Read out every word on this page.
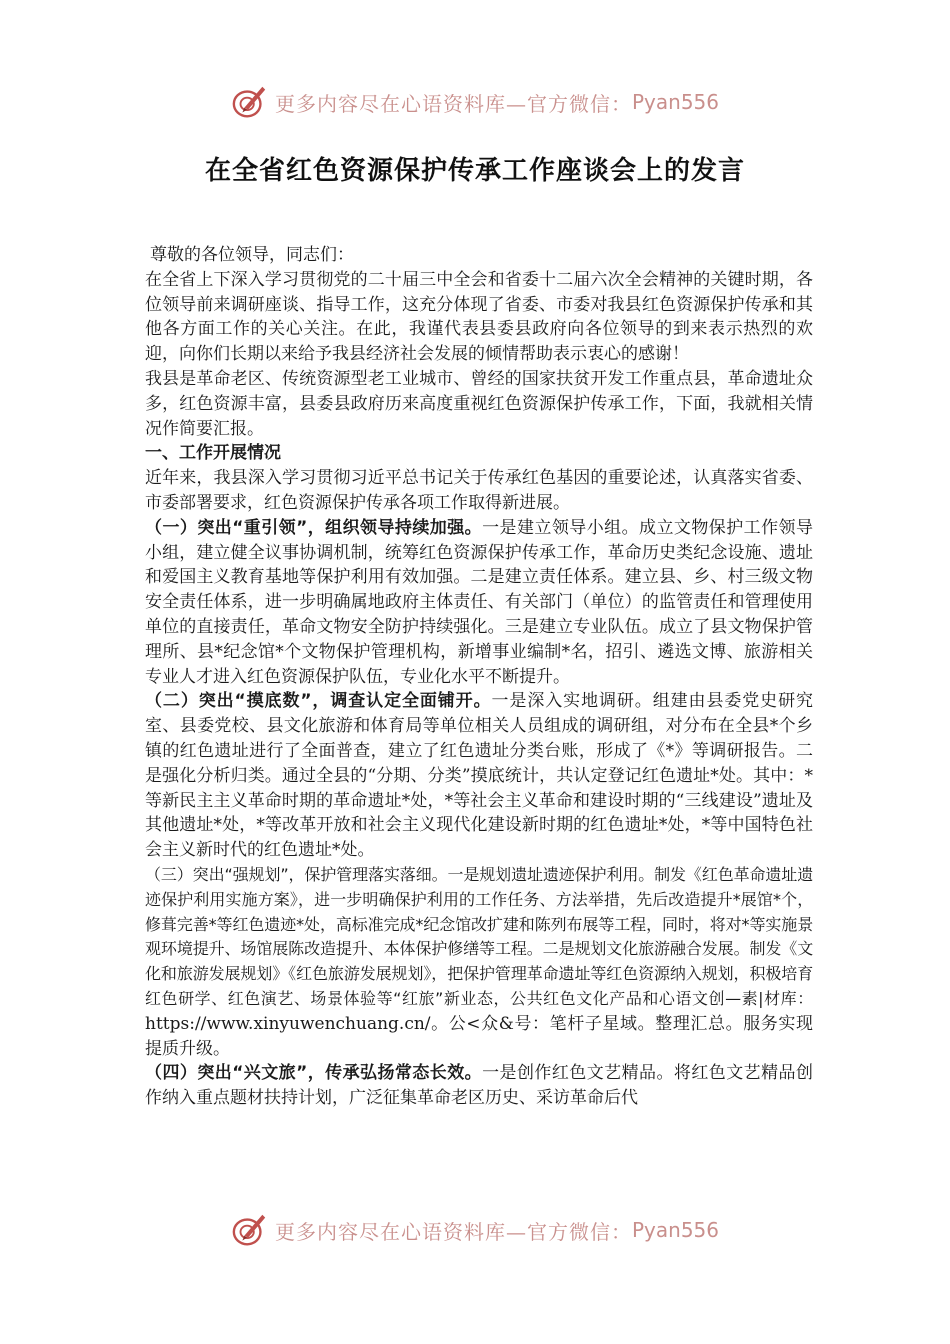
更多内容尽在心语资料库—官方微信： Pyan556
在全省红色资源保护传承工作座谈会上的发言

尊敬的各位领导，同志们：

在全省上下深入学习贯彻党的二十届三中全会和省委十二届六次全会精神的关键时期，各位领导前来调研座谈、指导工作，这充分体现了省委、市委对我县红色资源保护传承和其他各方面工作的关心关注。在此，我谨代表县委县政府向各位领导的到来表示热烈的欢迎，向你们长期以来给予我县经济社会发展的倾情帮助表示衷心的感谢！

我县是革命老区、传统资源型老工业城市、曾经的国家扶贫开发工作重点县，革命遗址众多，红色资源丰富，县委县政府历来高度重视红色资源保护传承工作，下面，我就相关情况作简要汇报。

一、工作开展情况

近年来，我县深入学习贯彻习近平总书记关于传承红色基因的重要论述，认真落实省委、市委部署要求，红色资源保护传承各项工作取得新进展。

（一）突出“重引领”，组织领导持续加强。一是建立领导小组。成立文物保护工作领导小组，建立健全议事协调机制，统筹红色资源保护传承工作，革命历史类纪念设施、遗址和爱国主义教育基地等保护利用有效加强。二是建立责任体系。建立县、乡、村三级文物安全责任体系，进一步明确属地政府主体责任、有关部门（单位）的监管责任和管理使用单位的直接责任，革命文物安全防护持续强化。三是建立专业队伍。成立了县文物保护管理所、县*纪念馆*个文物保护管理机构，新增事业编制*名，招引、遴选文博、旅游相关专业人才进入红色资源保护队伍，专业化水平不断提升。

（二）突出“摸底数”，调查认定全面铺开。一是深入实地调研。组建由县委党史研究室、县委党校、县文化旅游和体育局等单位相关人员组成的调研组，对分布在全县*个乡镇的红色遗址进行了全面普查，建立了红色遗址分类台账，形成了《*》等调研报告。二是强化分析归类。通过全县的“分期、分类”摸底统计，共认定登记红色遗址*处。其中：*等新民主主义革命时期的革命遗址*处，*等社会主义革命和建设时期的“三线建设”遗址及其他遗址*处，*等改革开放和社会主义现代化建设新时期的红色遗址*处，*等中国特色社会主义新时代的红色遗址*处。

（三）突出“强规划”，保护管理落实落细。一是规划遗址遗迹保护利用。制发《红色革命遗址遗迹保护利用实施方案》，进一步明确保护利用的工作任务、方法举措，先后改造提升*展馆*个，修葺完善*等红色遗迹*处，高标准完成*纪念馆改扩建和陈列布展等工程，同时，将对*等实施景观环境提升、场馆展陈改造提升、本体保护修缮等工程。二是规划文化旅游融合发展。制发《文化和旅游发展规划》《红色旅游发展规划》，把保护管理革命遗址等红色资源纳入规划，积极培育红色研学、红色演艺、场景体验等“红旅”新业态，公共红色文化产品和心语文创—素|材库：https://www.xinyuwenchuang.cn/。公<众&号：笔杆子星域。整理汇总。服务实现提质升级。

（四）突出“兴文旅”，传承弘扬常态长效。一是创作红色文艺精品。将红色文艺精品创作纳入重点题材扶持计划，广泛征集革命老区历史、采访革命后代

更多内容尽在心语资料库—官方微信： Pyan556
